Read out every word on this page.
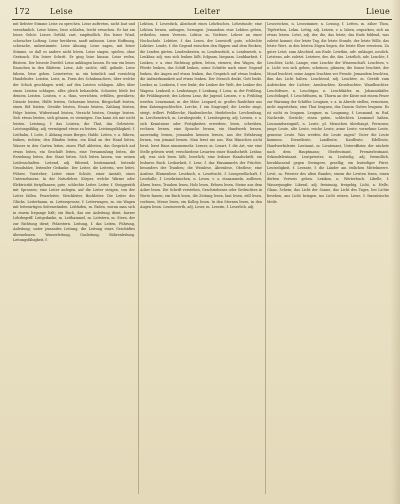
172 Leise	Leiter	Lieue

mit liebster Stimme Leise zu sprechen. Leise auftreten, nicht laut und vernehmlich. Leise hören, leise schlafen, leicht erwachen. Er hat ein leises Gehör. Leises Gefühl, zart, empfindlich. Ein leiser Wind, schwacher Luftzug. Leise berühren, sanft anfassen. Leise Hoffnung, schwache, unbestimmte. Leise Ahnung. Leise sagen, mit leiser Stimme, so daß es andere nicht hören. Leise singen, spielen, ohne Geräusch. Ein leiser Schritt. Er ging leise hinaus. Leise reden, flüstern. Der leiseste Zweifel. Leise anklingen lassen. Es war ein leises Rauschen in den Blättern. Leise, Adv. sachte, still, gelinde. Leise fahren, leise gehen. Leisetreter, m. ein heimlich und vorsichtig Handelnder. Leisten, Leist, m. Form des Schuhmachers, über welche der Schuh geschlagen wird; auf den Leisten schlagen. Alles über einen Leisten schlagen, alles gleich behandeln. Schuster, bleib bei deinem Leisten. Leisten, v. a. thun, verrichten, erfüllen, gewähren; Dienste leisten, Hülfe leisten, Gehorsam leisten, Bürgschaft leisten, einen Eid leisten, Gewähr leisten, Ersatz leisten, Zahlung leisten, Folge leisten, Widerstand leisten, Verzicht leisten, Genüge leisten. Sich etwas leisten, sich gönnen, es vermögen. Das kann ich mir nicht leisten. Leistung, f. das Leisten, die That, das Geleistete. Leistungsfähig, adj. vermögend etwas zu leisten. Leistungsfähigkeit, f. Leitbahn, f. Leite, f. Abhang eines Berges, Halde. Leiten, v. a. führen, lenken, richten; den Blinden leiten, ein Kind an der Hand leiten, Wasser in den Garten leiten, einen Fluß ableiten, das Gespräch auf etwas leiten, ein Geschäft leiten, eine Versammlung leiten, die Erziehung leiten, den Staat leiten. Sich leiten lassen, von seinen Leidenschaften. Leitend, adj. führend, bestimmend; leitende Grundsätze, leitender Gedanke. Der Leiter, die Leiterin, wer leitet, Führer, Vorsteher; Leiter einer Schule, einer Anstalt, eines Unternehmens. In der Naturlehre: Körper, welche Wärme oder Elektricität fortpflanzen; gute, schlechte Leiter. Leiter, f. Steiggeräth mit Sprossen; eine Leiter anlegen, auf die Leiter steigen, von der Leiter fallen. Feuerleiter, Strickleiter, Bockleiter. Die Leiter des Glücks. Leiterbaum, m. Leitersprosse, f. Leiterwagen, m. ein Wagen mit leiterartigen Seitenwänden. Leitfaden, m. Faden, woran man sich in einem Irrgange hält; ein Buch, das zur Anleitung dient, kurzer Lehrbegriff. Leitgedanke, m. Leithammel, m. Leitstern, m. Stern, der zur Richtung dient; Polarstern. Leitung, f. das Leiten, Führung, Anleitung; unter jemandes Leitung, die Leitung eines Geschäftes übernehmen. Wasserleitung, Gasleitung, Röhrenleitung. Leitungsfähigkeit, f.

Lektion, f. Lesestück, Abschnitt eines Lehrbuches, Lehrstunde; eine Lektion lernen, aufsagen, hersagen. Jemandem eine Lektion geben, ertheilen, einen Verweis. Lektor, m. Vorleser, Lehrer an einer Hochschule. Lektüre, f. das Lesen, der Lesestoff; gute, schlechte Lektüre. Lende, f. die Gegend zwischen den Rippen und dem Becken; die Lenden gürten. Lendenbraten, m. Lendenstück, n. Lendenweh, n. Lenkbar, adj. was sich lenken läßt, folgsam, biegsam. Lenkbarkeit, f. Lenken, v. a. eine Richtung geben, leiten, steuern; den Wagen, die Pferde lenken, das Schiff lenken, seine Schritte nach einer Gegend lenken, die Augen auf etwas lenken, das Gespräch auf etwas lenken, die Aufmerksamkeit auf etwas lenken. Der Mensch denkt, Gott lenkt. Lenker, m. Lenkerin, f. wer lenkt; der Lenker der Welt, der Lenker des Wagens. Lenkseil, n. Lenkstange, f. Lenkung, f. Lenz, m. der Frühling, die Frühlingszeit; des Lebens Lenz, die Jugend. Lenzen, v. n. Frühling werden. Lenzmonat, m. der März. Leopard, m. großes Raubthier aus dem Katzengeschlechte. Lerche, f. ein Singvogel; die Lerche singt, steigt, trillert. Feldlerche, Haubenlerche, Heidelerche. Lerchenfang, m. Lerchenstrich, m. Lernbegierde, f. Lernbegierig, adj. Lernen, v. a. sich Kenntnisse oder Fertigkeiten erwerben; lesen, schreiben, rechnen lernen, eine Sprache lernen, ein Handwerk lernen, auswendig lernen, jemanden kennen lernen, aus der Erfahrung lernen, von jemand lernen. Man lernt nie aus. Was Hänschen nicht lernt, lernt Hans nimmermehr. Lerner, m. Lesart, f. die Art, wie eine Stelle gelesen wird; verschiedene Lesarten einer Handschrift. Lesbar, adj. was sich lesen läßt, leserlich; eine lesbare Handschrift, ein lesbares Buch. Lesbarkeit, f. Lese, f. das Einsammeln der Früchte, besonders der Trauben; die Weinlese, Ährenlese, Obstlese; eine Auslese, Blumenlese. Lesebuch, n. Lesefrucht, f. Lesegesellschaft, f. Lesehalle, f. Lesekränzchen, n. Lesen, v. a. einsammeln, auflesen; Ähren lesen, Trauben lesen, Holz lesen, Erbsen lesen, Steine aus dem Acker lesen. Die Schrift verstehen, Geschriebenes oder Gedrucktes in Worte fassen; ein Buch lesen, die Zeitung lesen, laut lesen, still lesen, vorlesen, Messe lesen, ein Kolleg lesen. In den Sternen lesen, in den Augen lesen. Lesenswerth, adj. Leser, m. Leserin, f. Leserlich, adj.

Lesezeichen, n. Lesezimmer, n. Lesung, f. Letten, m. zäher Thon, Töpferthon, Lehm. Lettig, adj. Letzen, v. a. laben, erquicken; sich an etwas letzen. Letzt, adj. der, die, das letzte; das Ende bildend, was zuletzt kommt; der letzte Tag, die letzte Stunde, der letzte Wille, das letzte Wort, in den letzten Zügen liegen, die letzte Ehre erweisen. Zu guter Letzt, zum Abschied, am Ende. Letzthin, adv. unlängst, neulich. Letztens, adv. zuletzt. Letztere, der, die, das. Letztlich, adv. Leuchte, f. Leuchter, Licht, Lampe; eine Leuchte der Wissenschaft. Leuchten, v. n. Licht von sich geben, scheinen, glänzen; die Sonne leuchtet, der Mond leuchtet, seine Augen leuchten vor Freude. Jemandem leuchten, ihm das Licht halten. Leuchtend, adj. Leuchter, m. Geräth zum Aufstecken der Lichter; Armleuchter, Kronleuchter, Wandleuchter. Leuchtfeuer, n. Leuchtgas, n. Leuchtkäfer, m. Johanniskäfer. Leuchtkugel, f. Leuchtthurm, m. Thurm an der Küste mit einem Feuer zur Warnung der Schiffer. Leugnen, v. a. in Abrede stellen, verneinen, nicht zugestehen; eine That leugnen, das Dasein Gottes leugnen. Es ist nicht zu leugnen. Leugner, m. Leugnung, f. Leumund, m. Ruf, Nachrede, Gerücht; einen guten, schlechten Leumund haben. Leumundszeugniß, n. Leute, pl. Menschen überhaupt, Personen; junge Leute, alte Leute, reiche Leute, arme Leute, vornehme Leute, gemeine Leute. Was werden die Leute sagen? Unter die Leute kommen. Dienstleute, Landleute, Kaufleute, Edelleute, Handwerksleute. Leutnant, m. Lieutenant, Unteroffizier, der nächste nach dem Hauptmann; Oberleutnant, Premierleutnant, Sekondeleutnant. Leutpriester, m. Leutselig, adj. freundlich, herablassend gegen Geringere, gesellig; ein leutseliger Fürst. Leutseligkeit, f. Levante, f. die Länder am östlichen Mittelmeere. Levit, m. Priester des alten Bundes; einem die Leviten lesen, einen derben Verweis geben. Lexikon, n. Wörterbuch. Libelle, f. Wasserjungfer. Liberal, adj. freisinnig, freigebig. Licht, n. Helle, Glanz, Schein; das Licht der Sonne, das Licht des Tages, bei Lichte besehen, ans Licht bringen, ins Licht setzen. Lieue, f. französische Meile.
